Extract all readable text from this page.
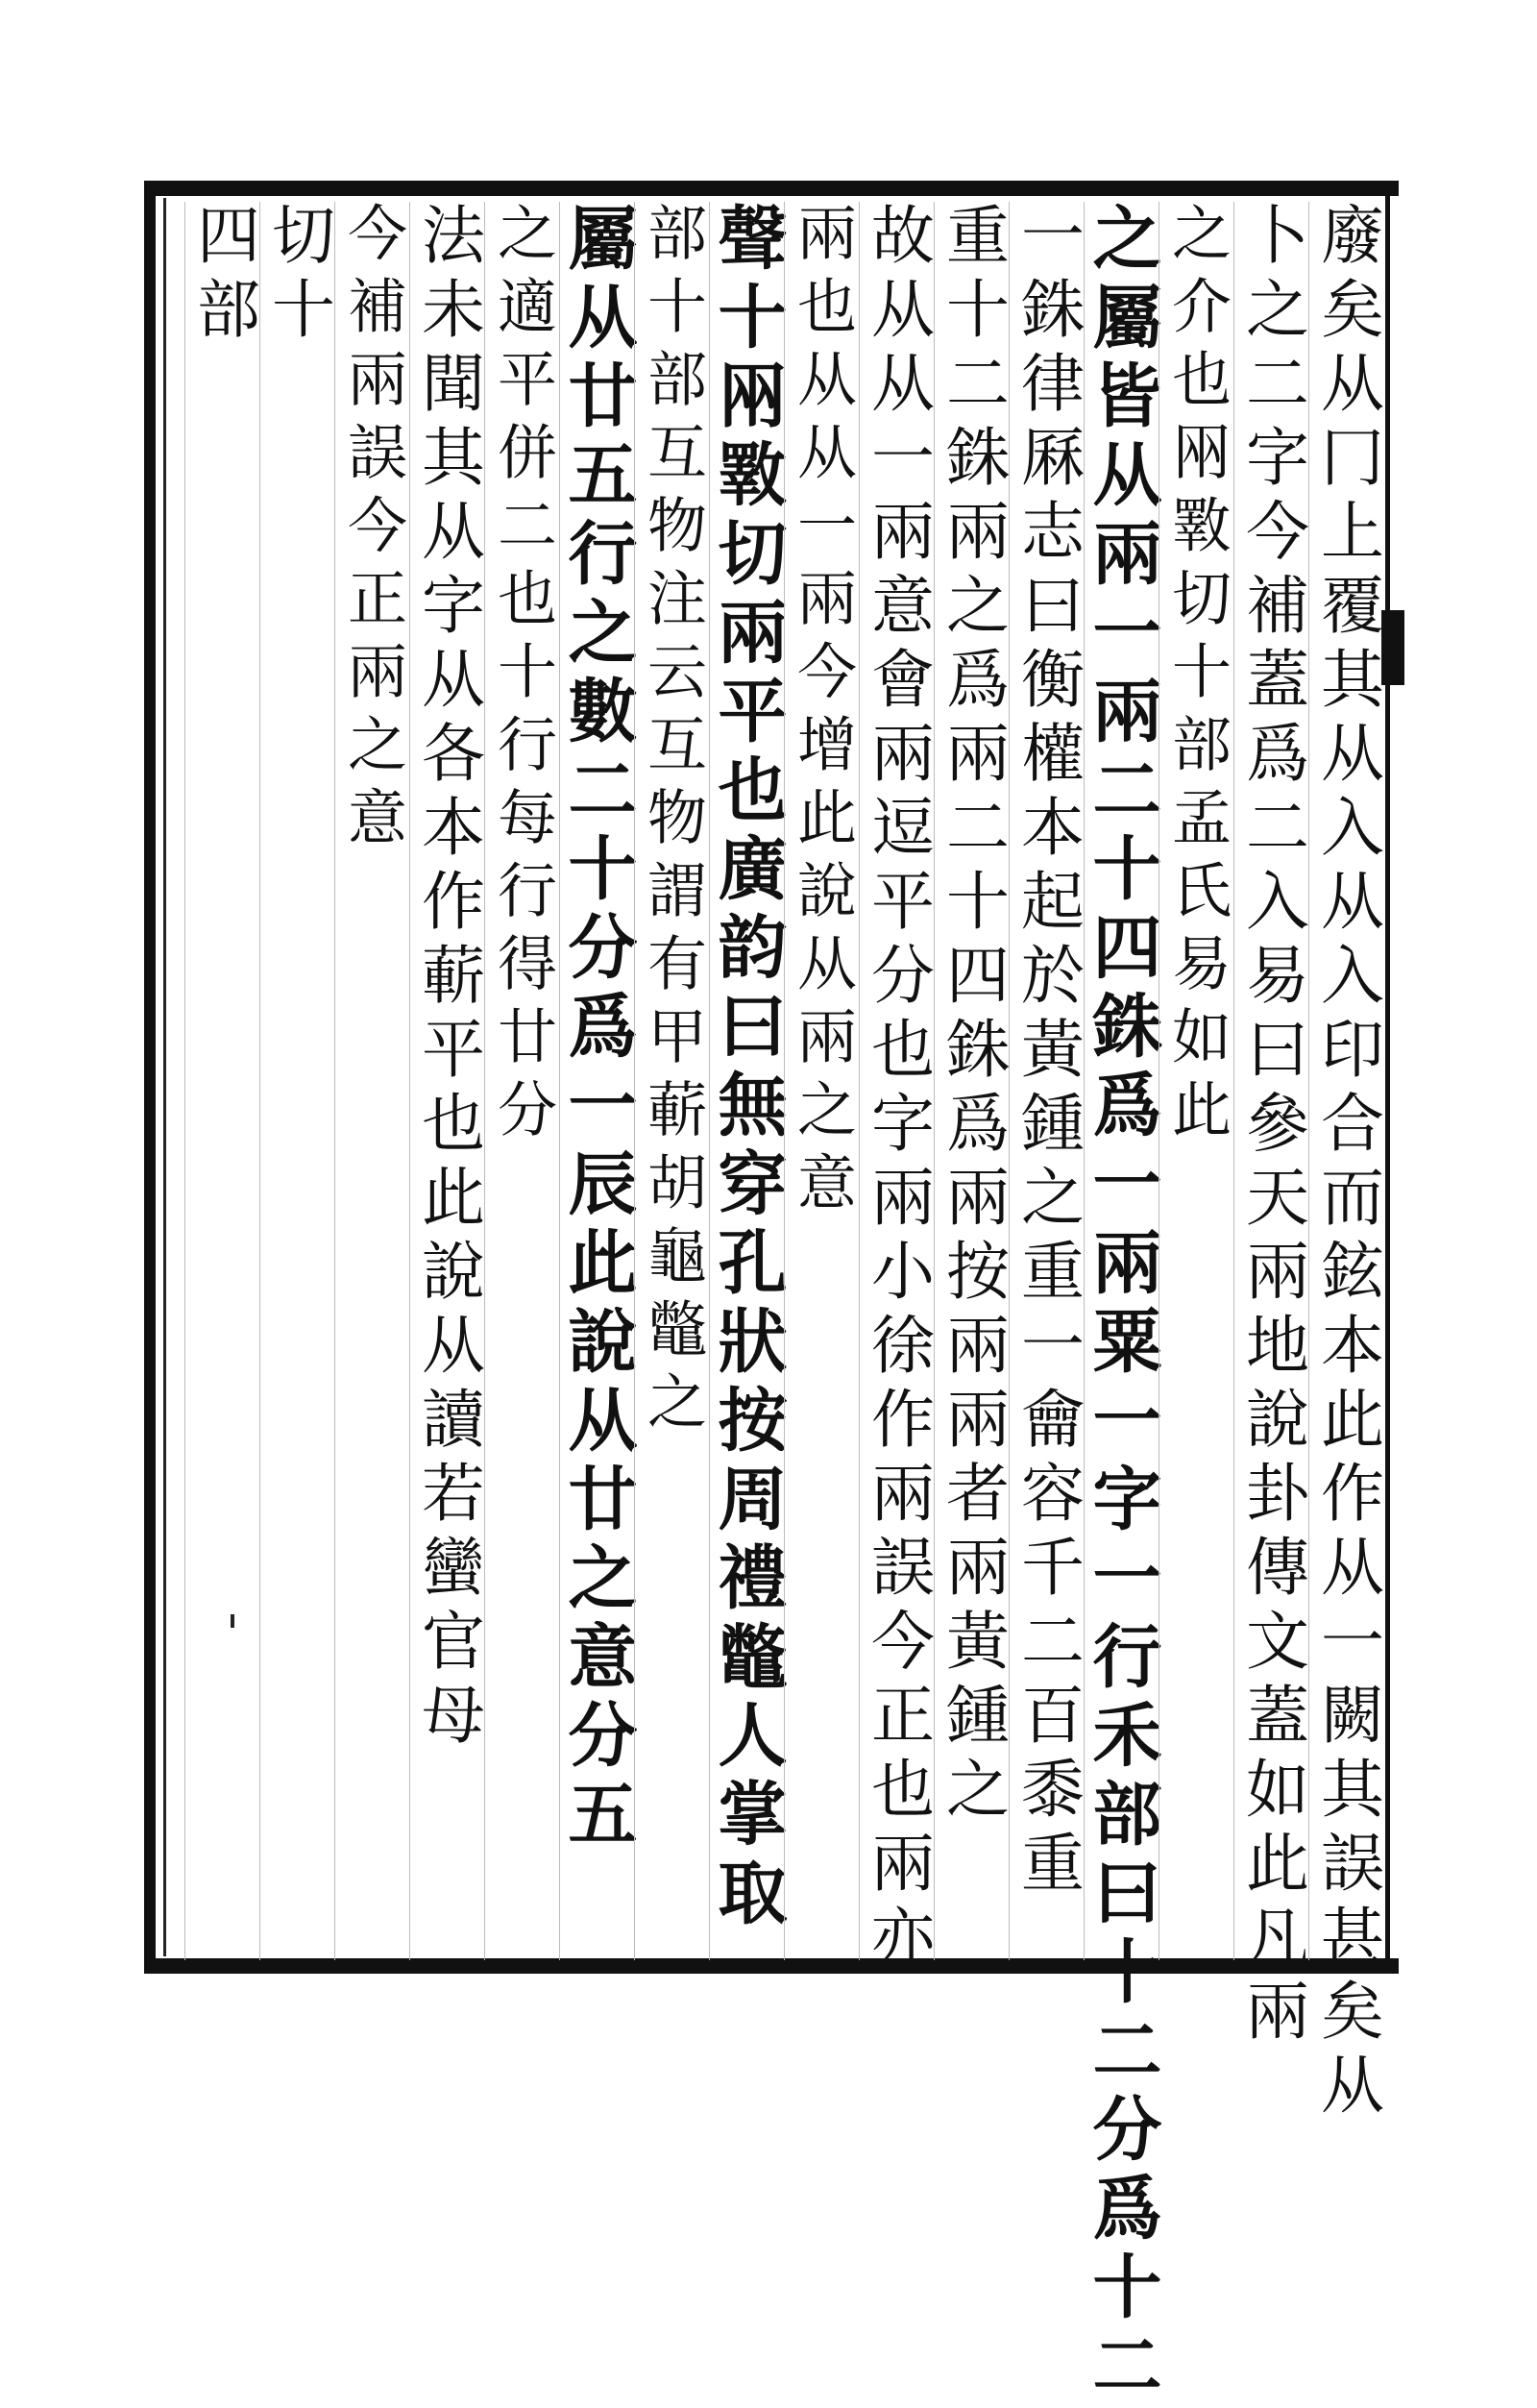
廢矣从冂上覆其从入从入印合而鉉本此作从一闕其誤甚矣从
卜之二字今補蓋爲二入易曰參天兩地說卦傳文蓋如此凡兩
之介也㒳斁切十部孟氏易如此
之屬皆从兩一兩二十四銖爲一兩粟一字一行禾部曰十二分爲十二
一銖律厤志曰衡權本起於黃鍾之重一龠容千二百黍重
重十二銖兩之爲兩二十四銖爲兩按兩兩者兩黃鍾之
故从从一兩意會兩逗平分也字兩小徐作兩誤今正也兩亦
兩也从从一兩今增此說从兩之意
聲十㒳斁切兩平也廣韵曰無穿孔狀按周禮鼈人掌取
部十部互物注云互物謂有甲蔪胡龜鼈之
屬从廿五行之數二十分爲一辰此說从廿之意分五
之適平併二也十行每行得廿分
法未聞其从字从各本作蔪平也此說从讀若蠻官母
今補兩誤今正兩之意
切十
四部
